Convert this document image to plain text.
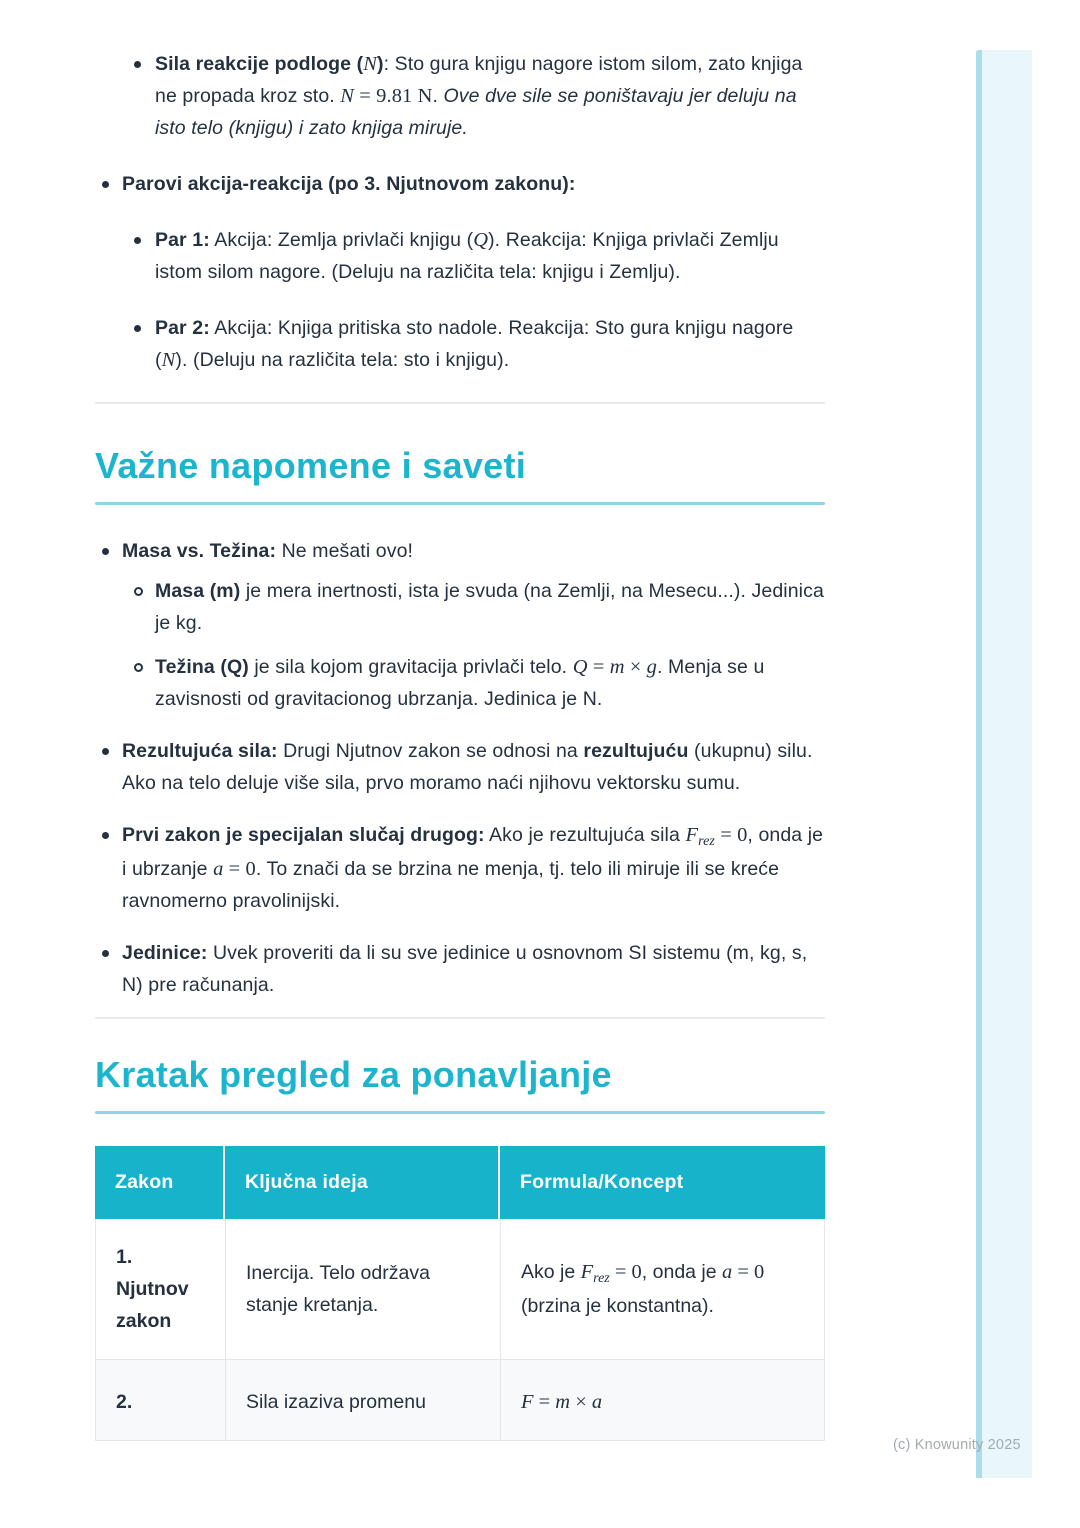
Sila reakcije podloge (N): Sto gura knjigu nagore istom silom, zato knjiga ne propada kroz sto. N = 9.81 N. Ove dve sile se poništavaju jer deluju na isto telo (knjigu) i zato knjiga miruje.
Parovi akcija-reakcija (po 3. Njutnovom zakonu):
Par 1: Akcija: Zemlja privlači knjigu (Q). Reakcija: Knjiga privlači Zemlju istom silom nagore. (Deluju na različita tela: knjigu i Zemlju).
Par 2: Akcija: Knjiga pritiska sto nadole. Reakcija: Sto gura knjigu nagore (N). (Deluju na različita tela: sto i knjigu).
Važne napomene i saveti
Masa vs. Težina: Ne mešati ovo!
Masa (m) je mera inertnosti, ista je svuda (na Zemlji, na Mesecu...). Jedinica je kg.
Težina (Q) je sila kojom gravitacija privlači telo. Q = m × g. Menja se u zavisnosti od gravitacionog ubrzanja. Jedinica je N.
Rezultujuća sila: Drugi Njutnov zakon se odnosi na rezultujuću (ukupnu) silu. Ako na telo deluje više sila, prvo moramo naći njihovu vektorsku sumu.
Prvi zakon je specijalan slučaj drugog: Ako je rezultujuća sila $F_{rez} = 0$, onda je i ubrzanje a = 0. To znači da se brzina ne menja, tj. telo ili miruje ili se kreće ravnomerno pravolinijski.
Jedinice: Uvek proveriti da li su sve jedinice u osnovnom SI sistemu (m, kg, s, N) pre računanja.
Kratak pregled za ponavljanje
Zakon	Ključna ideja	Formula/Koncept
1. Njutnov zakon	Inercija. Telo održava stanje kretanja.	Ako je $F_{rez} = 0$, onda je a = 0 (brzina je konstantna).
2.	Sila izaziva promenu	F = m × a
(c) Knowunity 2025
